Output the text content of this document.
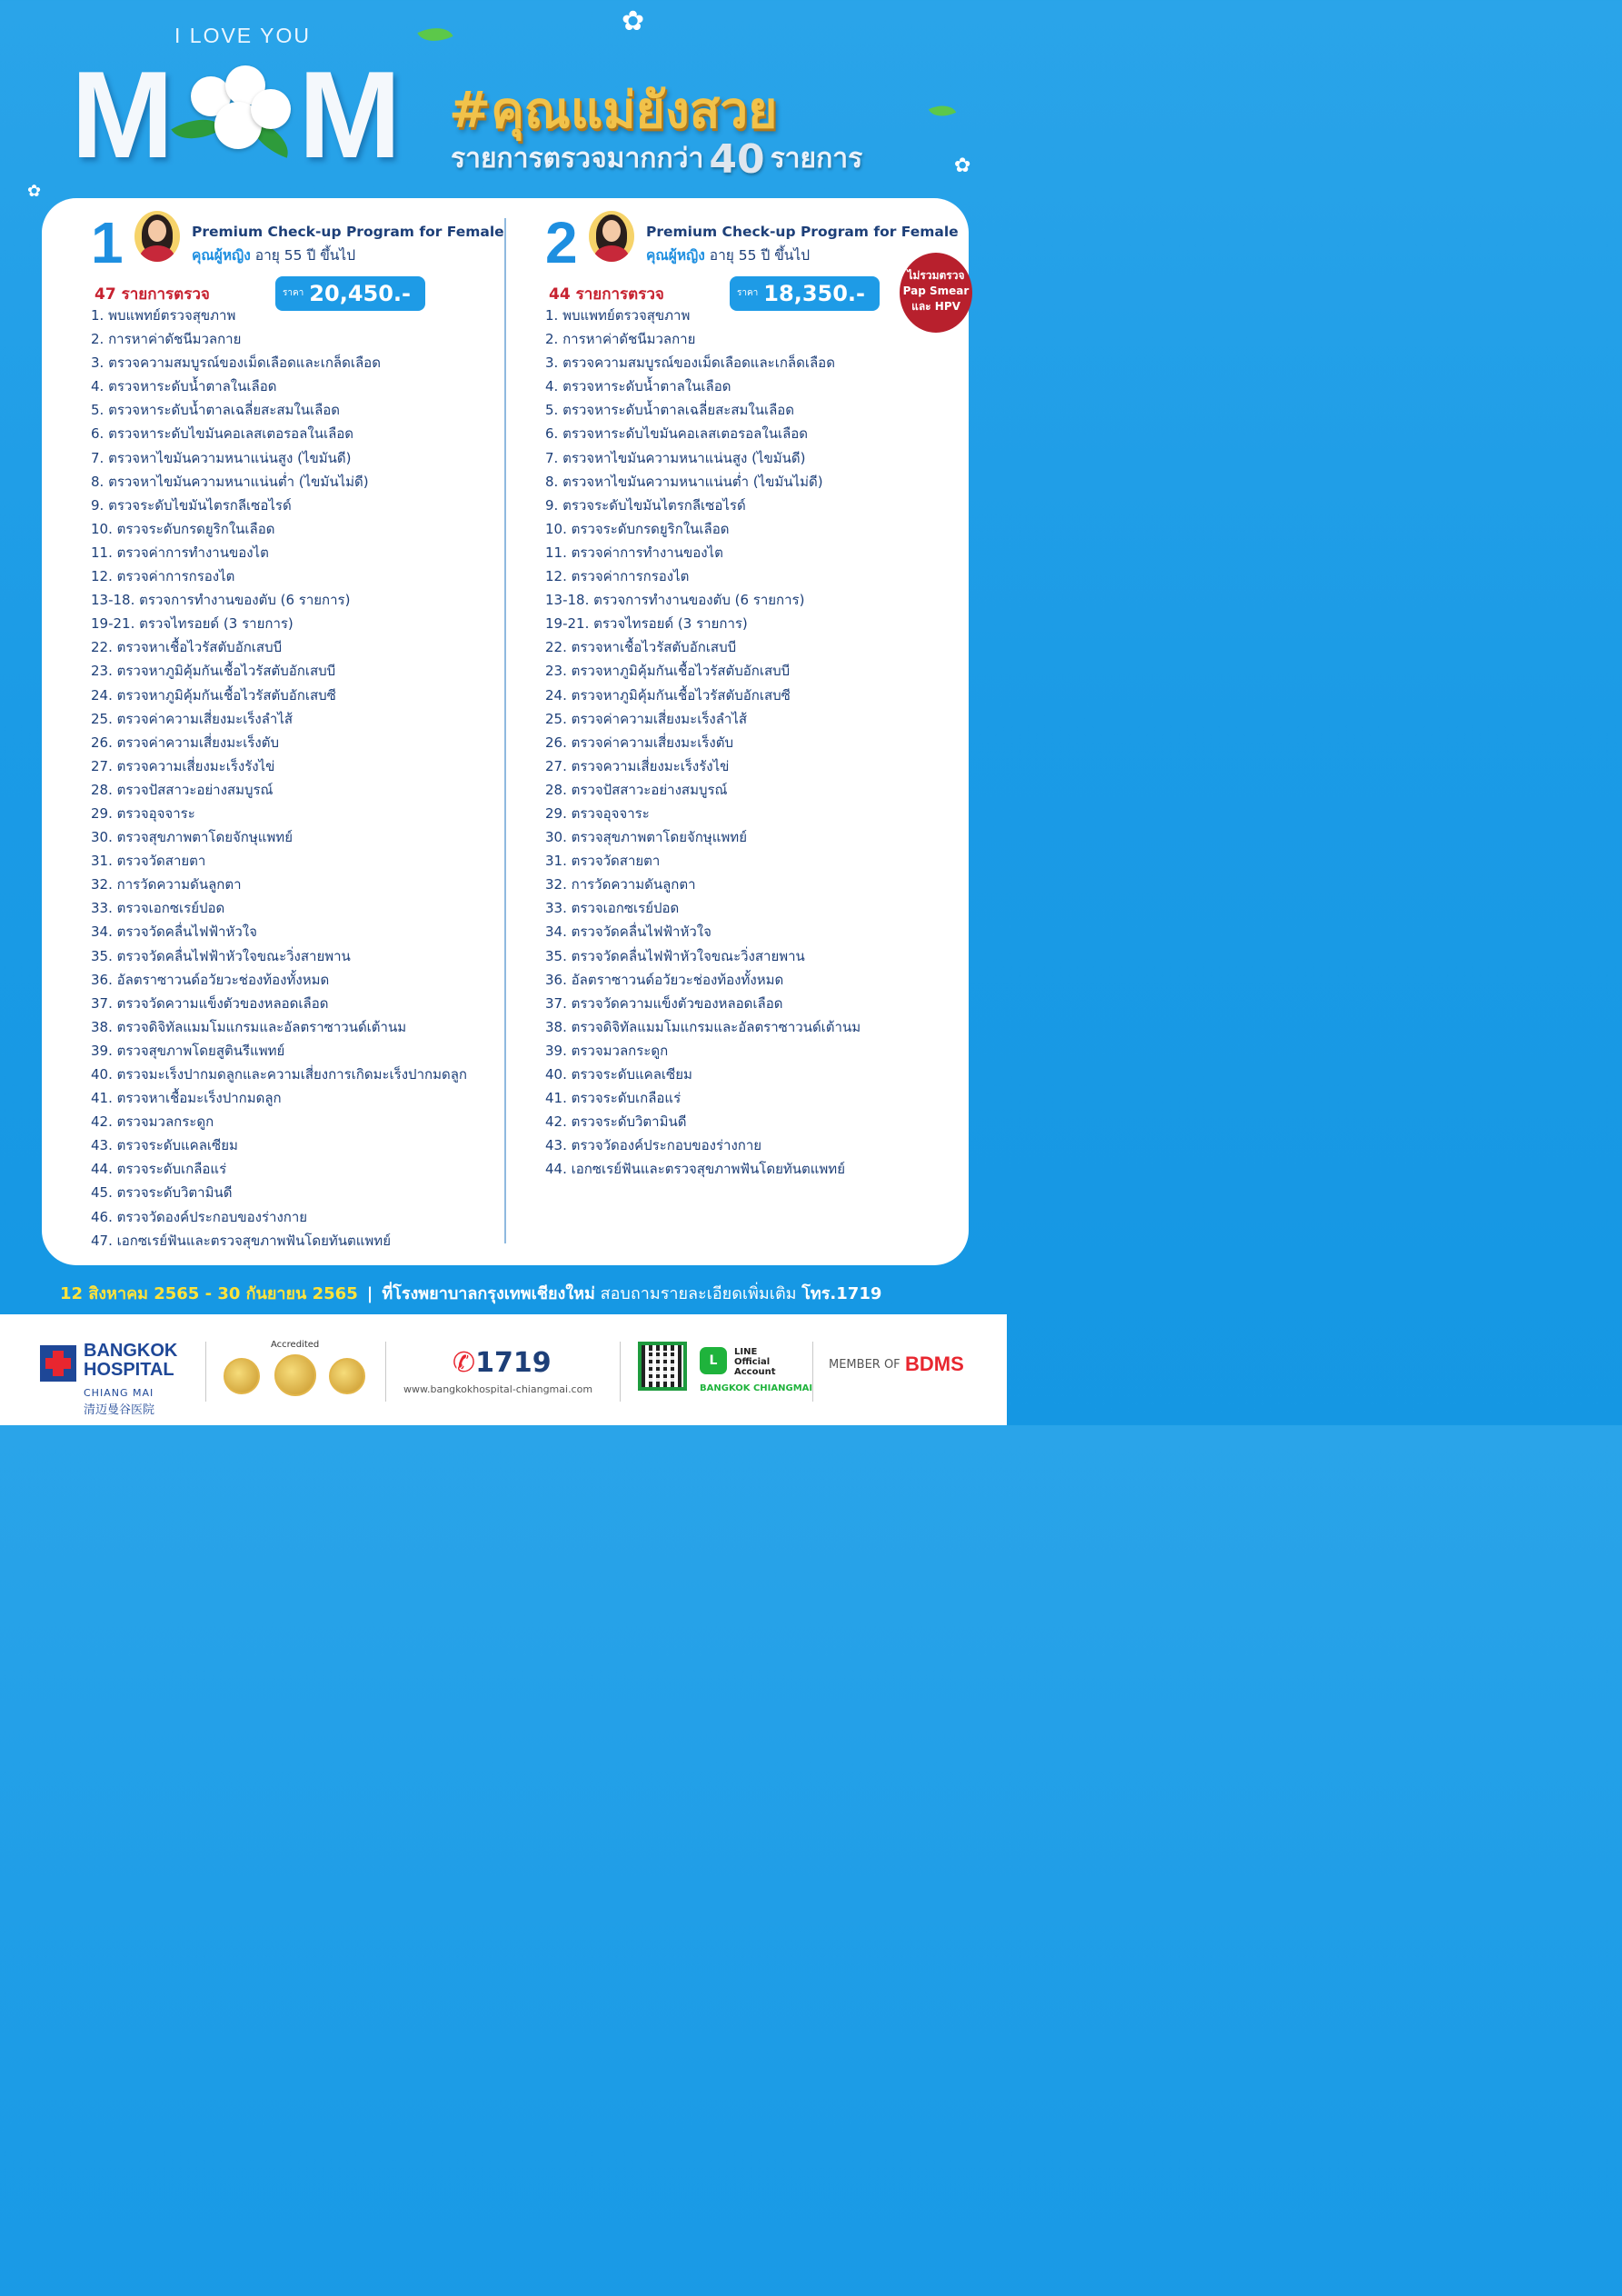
✿
✿
✿
I LOVE YOU
M M #คุณแม่ยังสวย
รายการตรวจมากกว่า 40 รายการ
1	Premium Check-up Program for Female
คุณผู้หญิง อายุ 55 ปี ขึ้นไป
47 รายการตรวจ	$^{ราคา}$ 20,450.-
1. พบแพทย์ตรวจสุขภาพ
2. การหาค่าดัชนีมวลกาย
3. ตรวจความสมบูรณ์ของเม็ดเลือดและเกล็ดเลือด
4. ตรวจหาระดับน้ำตาลในเลือด
5. ตรวจหาระดับน้ำตาลเฉลี่ยสะสมในเลือด
6. ตรวจหาระดับไขมันคอเลสเตอรอลในเลือด
7. ตรวจหาไขมันความหนาแน่นสูง (ไขมันดี)
8. ตรวจหาไขมันความหนาแน่นต่ำ (ไขมันไม่ดี)
9. ตรวจระดับไขมันไตรกลีเซอไรด์
10. ตรวจระดับกรดยูริกในเลือด
11. ตรวจค่าการทำงานของไต
12. ตรวจค่าการกรองไต
13-18. ตรวจการทำงานของตับ (6 รายการ)
19-21. ตรวจไทรอยด์ (3 รายการ)
22. ตรวจหาเชื้อไวรัสตับอักเสบบี
23. ตรวจหาภูมิคุ้มกันเชื้อไวรัสตับอักเสบบี
24. ตรวจหาภูมิคุ้มกันเชื้อไวรัสตับอักเสบซี
25. ตรวจค่าความเสี่ยงมะเร็งลำไส้
26. ตรวจค่าความเสี่ยงมะเร็งตับ
27. ตรวจความเสี่ยงมะเร็งรังไข่
28. ตรวจปัสสาวะอย่างสมบูรณ์
29. ตรวจอุจจาระ
30. ตรวจสุขภาพตาโดยจักษุแพทย์
31. ตรวจวัดสายตา
32. การวัดความดันลูกตา
33. ตรวจเอกซเรย์ปอด
34. ตรวจวัดคลื่นไฟฟ้าหัวใจ
35. ตรวจวัดคลื่นไฟฟ้าหัวใจขณะวิ่งสายพาน
36. อัลตราซาวนด์อวัยวะช่องท้องทั้งหมด
37. ตรวจวัดความแข็งตัวของหลอดเลือด
38. ตรวจดิจิทัลแมมโมแกรมและอัลตราซาวนด์เต้านม
39. ตรวจสุขภาพโดยสูตินรีแพทย์
40. ตรวจมะเร็งปากมดลูกและความเสี่ยงการเกิดมะเร็งปากมดลูก
41. ตรวจหาเชื้อมะเร็งปากมดลูก
42. ตรวจมวลกระดูก
43. ตรวจระดับแคลเซียม
44. ตรวจระดับเกลือแร่
45. ตรวจระดับวิตามินดี
46. ตรวจวัดองค์ประกอบของร่างกาย
47. เอกซเรย์ฟันและตรวจสุขภาพฟันโดยทันตแพทย์
2	Premium Check-up Program for Female
คุณผู้หญิง อายุ 55 ปี ขึ้นไป
44 รายการตรวจ	$^{ราคา}$ 18,350.-
1. พบแพทย์ตรวจสุขภาพ
2. การหาค่าดัชนีมวลกาย
3. ตรวจความสมบูรณ์ของเม็ดเลือดและเกล็ดเลือด
4. ตรวจหาระดับน้ำตาลในเลือด
5. ตรวจหาระดับน้ำตาลเฉลี่ยสะสมในเลือด
6. ตรวจหาระดับไขมันคอเลสเตอรอลในเลือด
7. ตรวจหาไขมันความหนาแน่นสูง (ไขมันดี)
8. ตรวจหาไขมันความหนาแน่นต่ำ (ไขมันไม่ดี)
9. ตรวจระดับไขมันไตรกลีเซอไรด์
10. ตรวจระดับกรดยูริกในเลือด
11. ตรวจค่าการทำงานของไต
12. ตรวจค่าการกรองไต
13-18. ตรวจการทำงานของตับ (6 รายการ)
19-21. ตรวจไทรอยด์ (3 รายการ)
22. ตรวจหาเชื้อไวรัสตับอักเสบบี
23. ตรวจหาภูมิคุ้มกันเชื้อไวรัสตับอักเสบบี
24. ตรวจหาภูมิคุ้มกันเชื้อไวรัสตับอักเสบซี
25. ตรวจค่าความเสี่ยงมะเร็งลำไส้
26. ตรวจค่าความเสี่ยงมะเร็งตับ
27. ตรวจความเสี่ยงมะเร็งรังไข่
28. ตรวจปัสสาวะอย่างสมบูรณ์
29. ตรวจอุจจาระ
30. ตรวจสุขภาพตาโดยจักษุแพทย์
31. ตรวจวัดสายตา
32. การวัดความดันลูกตา
33. ตรวจเอกซเรย์ปอด
34. ตรวจวัดคลื่นไฟฟ้าหัวใจ
35. ตรวจวัดคลื่นไฟฟ้าหัวใจขณะวิ่งสายพาน
36. อัลตราซาวนด์อวัยวะช่องท้องทั้งหมด
37. ตรวจวัดความแข็งตัวของหลอดเลือด
38. ตรวจดิจิทัลแมมโมแกรมและอัลตราซาวนด์เต้านม
39. ตรวจมวลกระดูก
40. ตรวจระดับแคลเซียม
41. ตรวจระดับเกลือแร่
42. ตรวจระดับวิตามินดี
43. ตรวจวัดองค์ประกอบของร่างกาย
44. เอกซเรย์ฟันและตรวจสุขภาพฟันโดยทันตแพทย์
ไม่รวมตรวจ
Pap Smear
และ HPV
12 สิงหาคม 2565 - 30 กันยายน 2565 | ที่โรงพยาบาลกรุงเทพเชียงใหม่ สอบถามรายละเอียดเพิ่มเติม โทร.1719
BANGKOK
HOSPITAL
CHIANG MAI
清迈曼谷医院
Accredited
✆1719
www.bangkokhospital-chiangmai.com
L
LINE
Official
Account
BANGKOK CHIANGMAI
MEMBER OF BDMS
